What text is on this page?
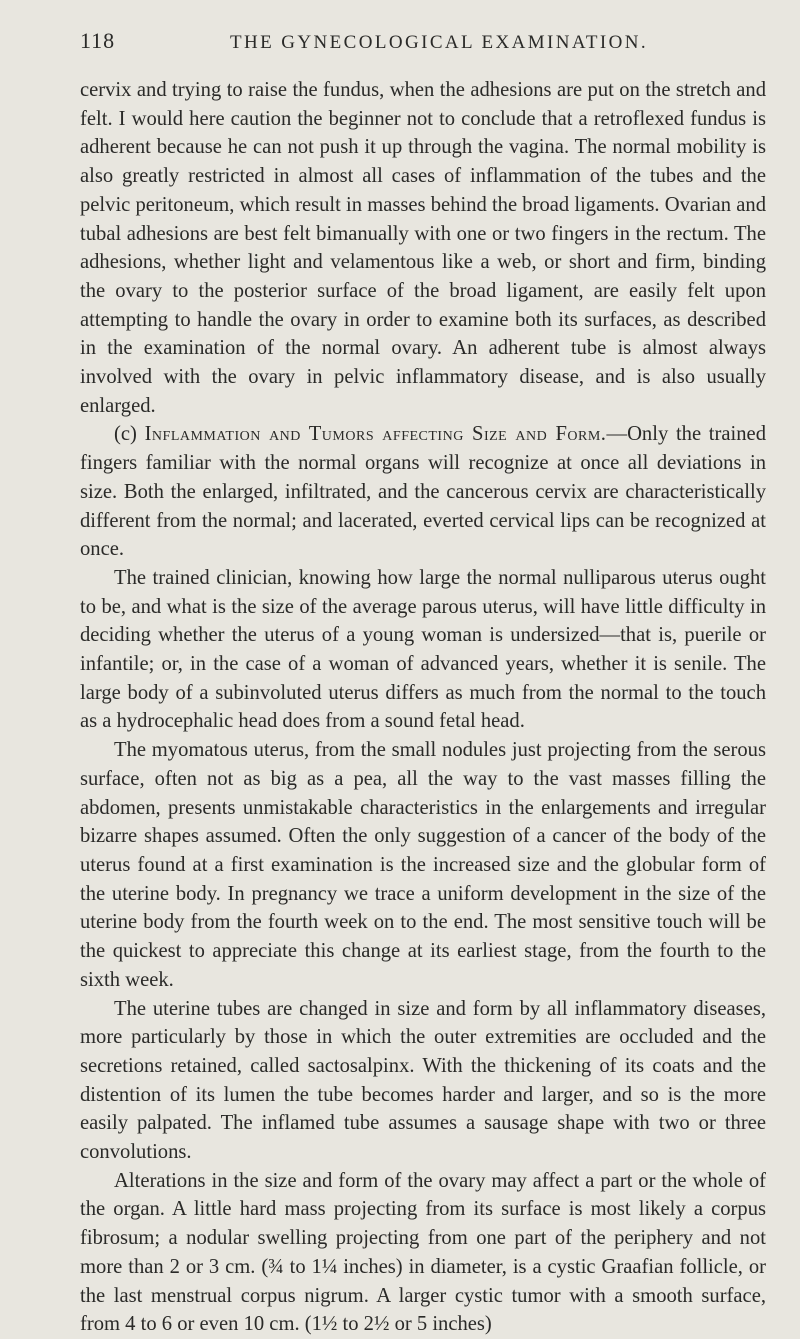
118	THE GYNECOLOGICAL EXAMINATION.

cervix and trying to raise the fundus, when the adhesions are put on the stretch and felt. I would here caution the beginner not to conclude that a retroflexed fundus is adherent because he can not push it up through the vagina. The normal mobility is also greatly restricted in almost all cases of inflammation of the tubes and the pelvic peritoneum, which result in masses behind the broad ligaments. Ovarian and tubal adhesions are best felt bimanually with one or two fingers in the rectum. The adhesions, whether light and velamentous like a web, or short and firm, binding the ovary to the posterior surface of the broad ligament, are easily felt upon attempting to handle the ovary in order to examine both its surfaces, as described in the examination of the normal ovary. An adherent tube is almost always involved with the ovary in pelvic inflammatory disease, and is also usually enlarged.

(c) Inflammation and Tumors affecting Size and Form.—Only the trained fingers familiar with the normal organs will recognize at once all deviations in size. Both the enlarged, infiltrated, and the cancerous cervix are characteristically different from the normal; and lacerated, everted cervical lips can be recognized at once.

The trained clinician, knowing how large the normal nulliparous uterus ought to be, and what is the size of the average parous uterus, will have little difficulty in deciding whether the uterus of a young woman is undersized—that is, puerile or infantile; or, in the case of a woman of advanced years, whether it is senile. The large body of a subinvoluted uterus differs as much from the normal to the touch as a hydrocephalic head does from a sound fetal head.

The myomatous uterus, from the small nodules just projecting from the serous surface, often not as big as a pea, all the way to the vast masses filling the abdomen, presents unmistakable characteristics in the enlargements and irregular bizarre shapes assumed. Often the only suggestion of a cancer of the body of the uterus found at a first examination is the increased size and the globular form of the uterine body. In pregnancy we trace a uniform development in the size of the uterine body from the fourth week on to the end. The most sensitive touch will be the quickest to appreciate this change at its earliest stage, from the fourth to the sixth week.

The uterine tubes are changed in size and form by all inflammatory diseases, more particularly by those in which the outer extremities are occluded and the secretions retained, called sactosalpinx. With the thickening of its coats and the distention of its lumen the tube becomes harder and larger, and so is the more easily palpated. The inflamed tube assumes a sausage shape with two or three convolutions.

Alterations in the size and form of the ovary may affect a part or the whole of the organ. A little hard mass projecting from its surface is most likely a corpus fibrosum; a nodular swelling projecting from one part of the periphery and not more than 2 or 3 cm. (¾ to 1¼ inches) in diameter, is a cystic Graafian follicle, or the last menstrual corpus nigrum. A larger cystic tumor with a smooth surface, from 4 to 6 or even 10 cm. (1½ to 2½ or 5 inches)
